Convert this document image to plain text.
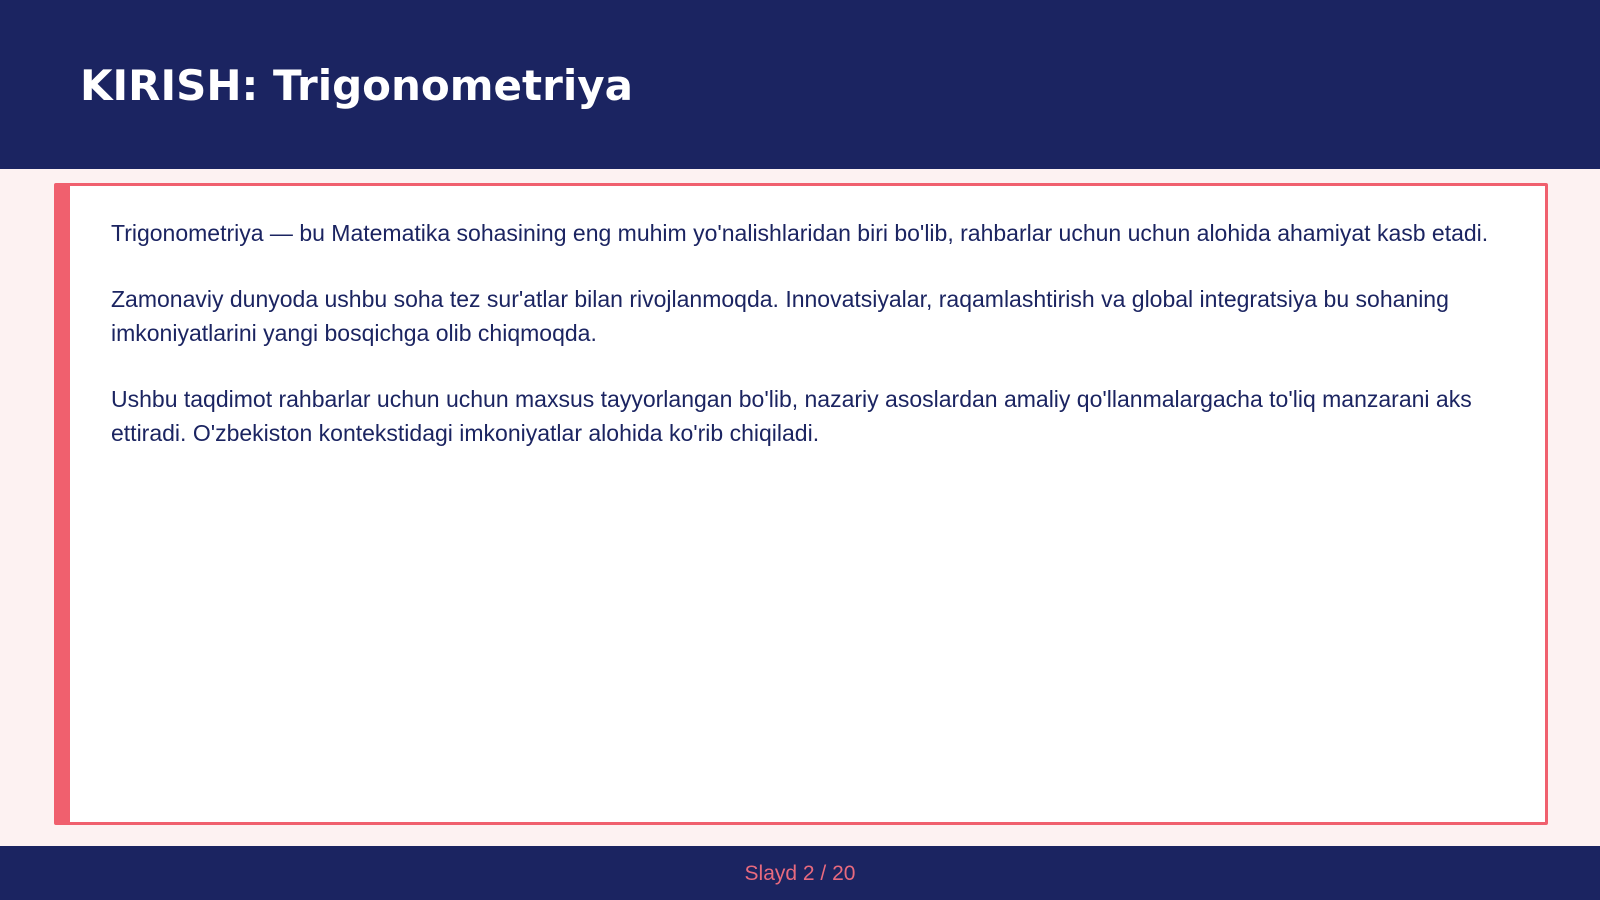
KIRISH: Trigonometriya

Trigonometriya — bu Matematika sohasining eng muhim yo'nalishlaridan biri bo'lib, rahbarlar uchun uchun alohida ahamiyat kasb etadi.

Zamonaviy dunyoda ushbu soha tez sur'atlar bilan rivojlanmoqda. Innovatsiyalar, raqamlashtirish va global integratsiya bu sohaning imkoniyatlarini yangi bosqichga olib chiqmoqda.

Ushbu taqdimot rahbarlar uchun uchun maxsus tayyorlangan bo'lib, nazariy asoslardan amaliy qo'llanmalargacha to'liq manzarani aks ettiradi. O'zbekiston kontekstidagi imkoniyatlar alohida ko'rib chiqiladi.

Slayd 2 / 20
